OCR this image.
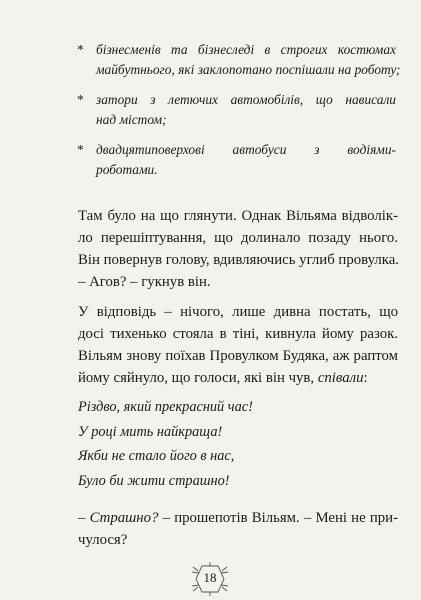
* бізнесменів та бізнеследі в строгих костюмах
майбутнього, які заклопотано поспішали на роботу;
* затори з летючих автомобілів, що нависали
над містом;
* двадцятиповерхові автобуси з водіями-
роботами.
Там було на що глянути. Однак Вільяма відволік-
ло перешіптування, що долинало позаду нього.
Він повернув голову, вдивляючись углиб провулка.
– Агов? – гукнув він.
У відповідь – нічого, лише дивна постать, що
досі тихенько стояла в тіні, кивнула йому разок.
Вільям знову поїхав Провулком Будяка, аж раптом
йому сяйнуло, що голоси, які він чув, співали:
Різдво, який прекрасний час!
У році мить найкраща!
Якби не стало його в нас,
Було би жити страшно!
– Страшно? – прошепотів Вільям. – Мені не при-
чулося?
18
